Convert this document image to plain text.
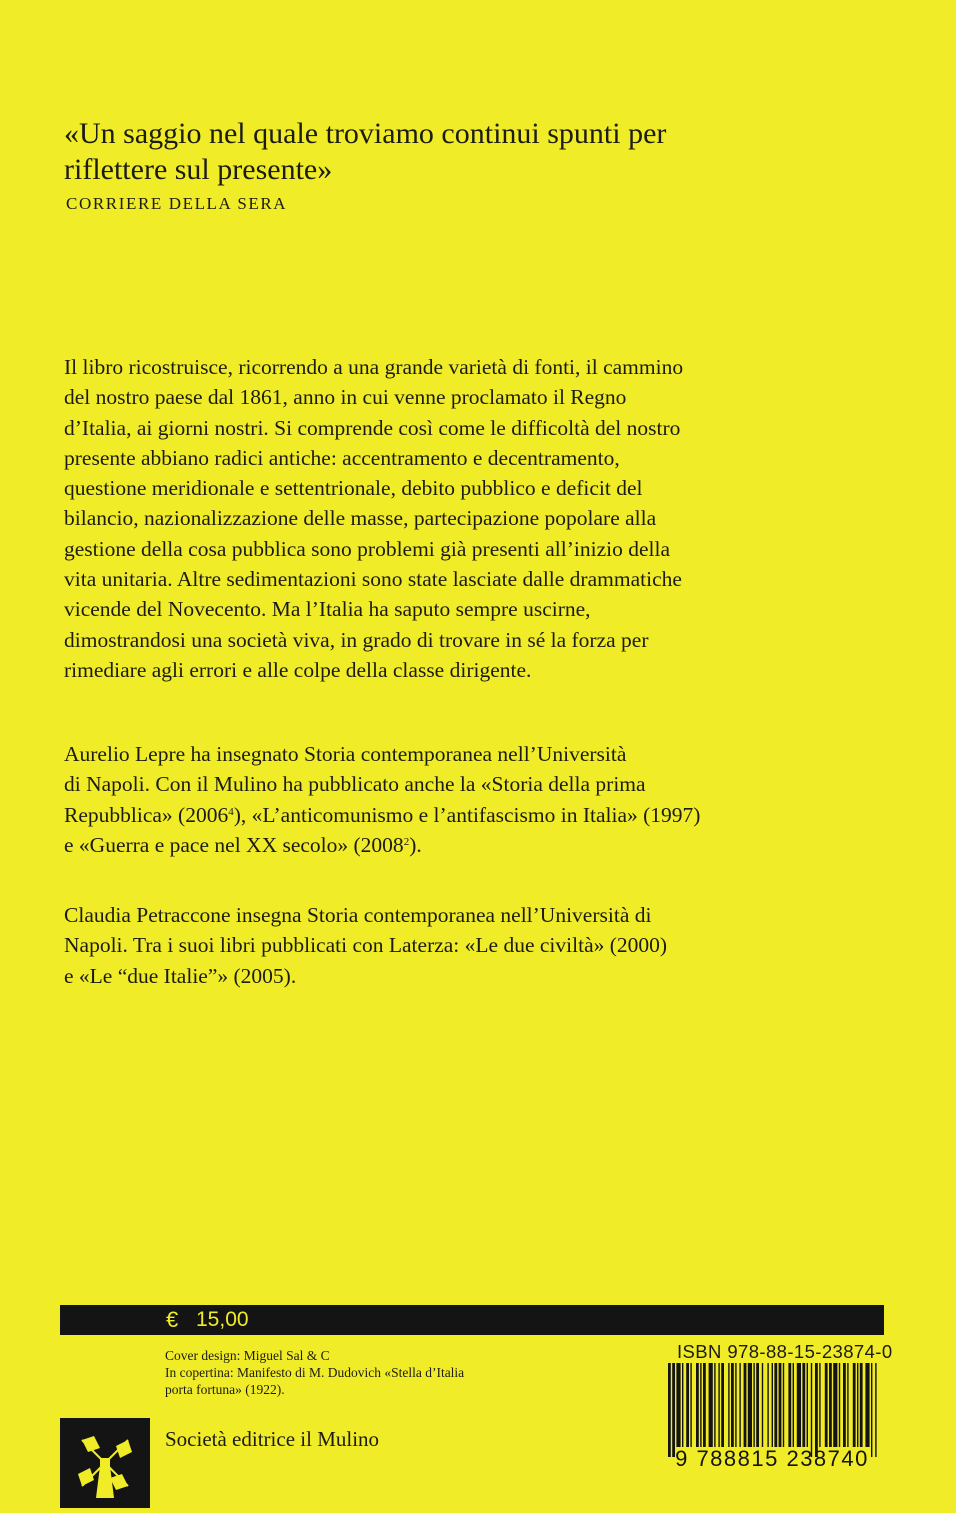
«Un saggio nel quale troviamo continui spunti per
riflettere sul presente»
CORRIERE DELLA SERA
Il libro ricostruisce, ricorrendo a una grande varietà di fonti, il cammino
del nostro paese dal 1861, anno in cui venne proclamato il Regno
d’Italia, ai giorni nostri. Si comprende così come le difficoltà del nostro
presente abbiano radici antiche: accentramento e decentramento,
questione meridionale e settentrionale, debito pubblico e deficit del
bilancio, nazionalizzazione delle masse, partecipazione popolare alla
gestione della cosa pubblica sono problemi già presenti all’inizio della
vita unitaria. Altre sedimentazioni sono state lasciate dalle drammatiche
vicende del Novecento. Ma l’Italia ha saputo sempre uscirne,
dimostrandosi una società viva, in grado di trovare in sé la forza per
rimediare agli errori e alle colpe della classe dirigente.
Aurelio Lepre ha insegnato Storia contemporanea nell’Università
di Napoli. Con il Mulino ha pubblicato anche la «Storia della prima
Repubblica» (2006$^4$), «L’anticomunismo e l’antifascismo in Italia» (1997)
e «Guerra e pace nel XX secolo» (2008$^2$).
Claudia Petraccone insegna Storia contemporanea nell’Università di
Napoli. Tra i suoi libri pubblicati con Laterza: «Le due civiltà» (2000)
e «Le “due Italie”» (2005).
€ 15,00
Cover design: Miguel Sal & C
In copertina: Manifesto di M. Dudovich «Stella d’Italia
porta fortuna» (1922).
Società editrice il Mulino
ISBN 978-88-15-23874-0
9 788815 238740
